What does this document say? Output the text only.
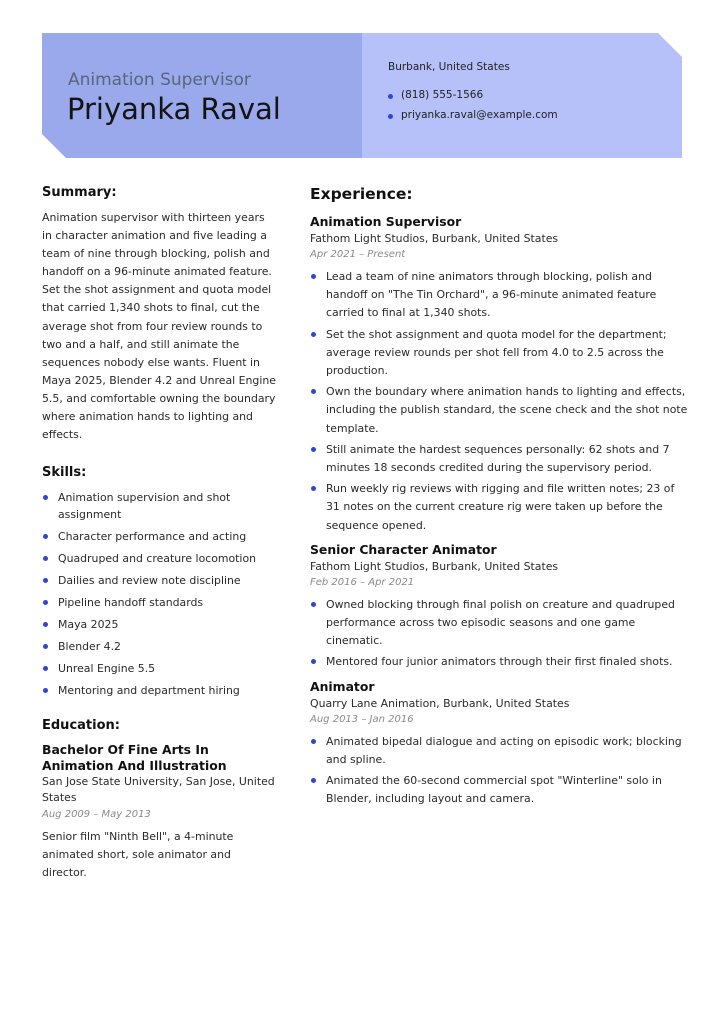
Animation Supervisor

Priyanka Raval
Burbank, United States
(818) 555-1566
priyanka.raval@example.com
Summary:

Animation supervisor with thirteen years in character animation and five leading a team of nine through blocking, polish and handoff on a 96-minute animated feature. Set the shot assignment and quota model that carried 1,340 shots to final, cut the average shot from four review rounds to two and a half, and still animate the sequences nobody else wants. Fluent in Maya 2025, Blender 4.2 and Unreal Engine 5.5, and comfortable owning the boundary where animation hands to lighting and effects.

Skills:
Animation supervision and shot assignment
Character performance and acting
Quadruped and creature locomotion
Dailies and review note discipline
Pipeline handoff standards
Maya 2025
Blender 4.2
Unreal Engine 5.5
Mentoring and department hiring
Education:

Bachelor Of Fine Arts In Animation And Illustration

San Jose State University, San Jose, United States

Aug 2009 – May 2013

Senior film "Ninth Bell", a 4-minute animated short, sole animator and director.

Experience:

Animation Supervisor

Fathom Light Studios, Burbank, United States

Apr 2021 – Present

Lead a team of nine animators through blocking, polish and handoff on "The Tin Orchard", a 96-minute animated feature carried to final at 1,340 shots.
Set the shot assignment and quota model for the department; average review rounds per shot fell from 4.0 to 2.5 across the production.
Own the boundary where animation hands to lighting and effects, including the publish standard, the scene check and the shot note template.
Still animate the hardest sequences personally: 62 shots and 7 minutes 18 seconds credited during the supervisory period.
Run weekly rig reviews with rigging and file written notes; 23 of 31 notes on the current creature rig were taken up before the sequence opened.

Senior Character Animator

Fathom Light Studios, Burbank, United States

Feb 2016 – Apr 2021

Owned blocking through final polish on creature and quadruped performance across two episodic seasons and one game cinematic.
Mentored four junior animators through their first finaled shots.

Animator

Quarry Lane Animation, Burbank, United States

Aug 2013 – Jan 2016

Animated bipedal dialogue and acting on episodic work; blocking and spline.
Animated the 60-second commercial spot "Winterline" solo in Blender, including layout and camera.
